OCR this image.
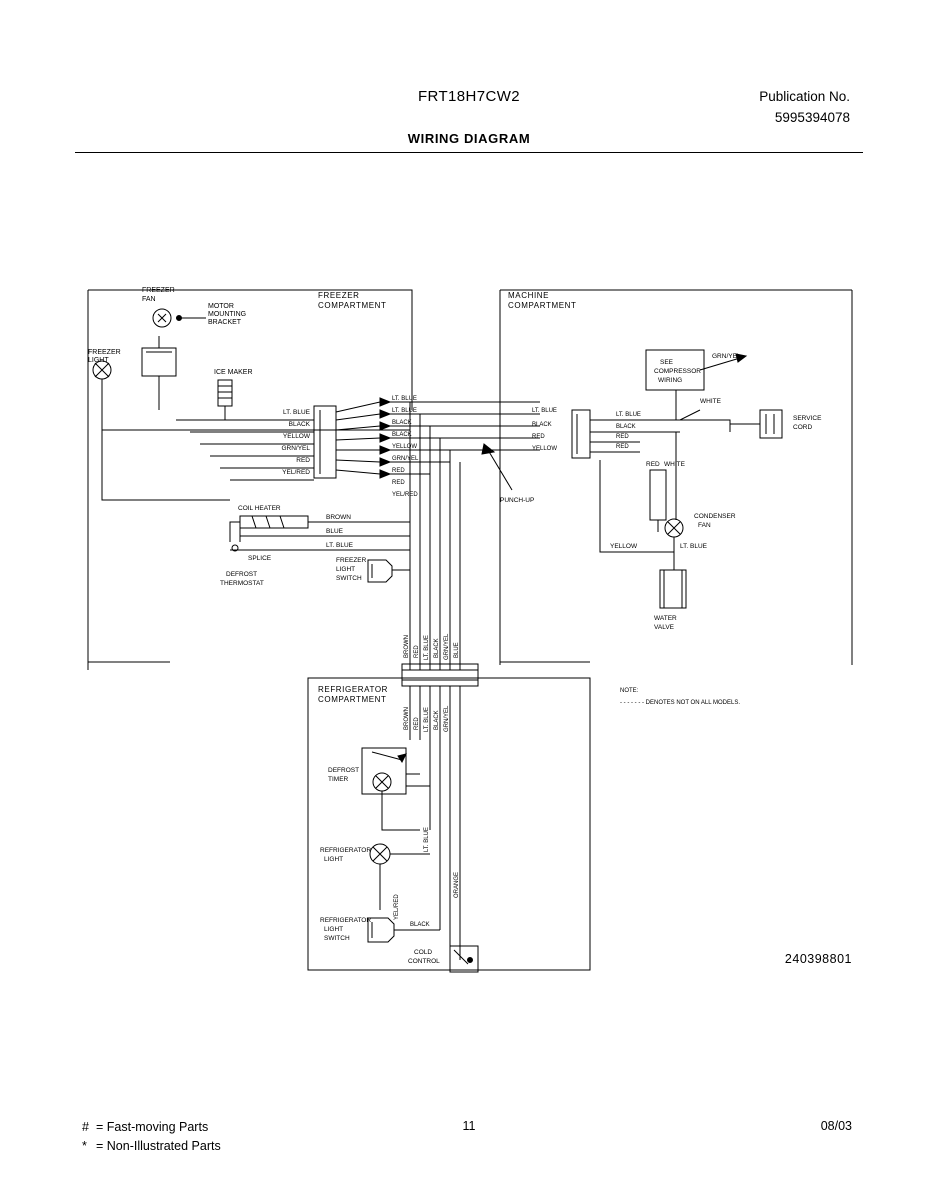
FRT18H7CW2	Publication No.
5995394078
WIRING DIAGRAM
FREEZER
COMPARTMENT
MACHINE
COMPARTMENT
REFRIGERATOR
COMPARTMENT
FREEZER
FAN
MOTOR
MOUNTING
BRACKET
FREEZER
LIGHT
ICE MAKER
LT. BLUE
BLACK
YELLOW
GRN/YEL
RED
YEL/RED
LT. BLUE
LT. BLUE
BLACK
BLACK
YELLOW
GRN/YEL
RED
RED
YEL/RED
LT. BLUE
BLACK
RED
YELLOW
PUNCH-UP
LT. BLUE
BLACK
RED
RED
SEE
COMPRESSOR
WIRING
GRN/YEL
WHITE
SERVICE
CORD
RED WHITE
CONDENSER
FAN
YELLOW	LT. BLUE
WATER
VALVE
NOTE:
- - - - - - - DENOTES NOT ON ALL MODELS.
COIL HEATER
BROWN
BLUE
LT. BLUE
SPLICE
DEFROST
THERMOSTAT
FREEZER
LIGHT
SWITCH
BROWN RED LT. BLUE BLACK GRN/YEL BLUE
BROWN RED LT. BLUE BLACK GRN/YEL
DEFROST
TIMER
REFRIGERATOR
LIGHT
LT. BLUE
ORANGE
YEL/RED
REFRIGERATOR
LIGHT
SWITCH
BLACK
COLD
CONTROL	240398801
# = Fast-moving Parts
* = Non-Illustrated Parts
11	08/03
